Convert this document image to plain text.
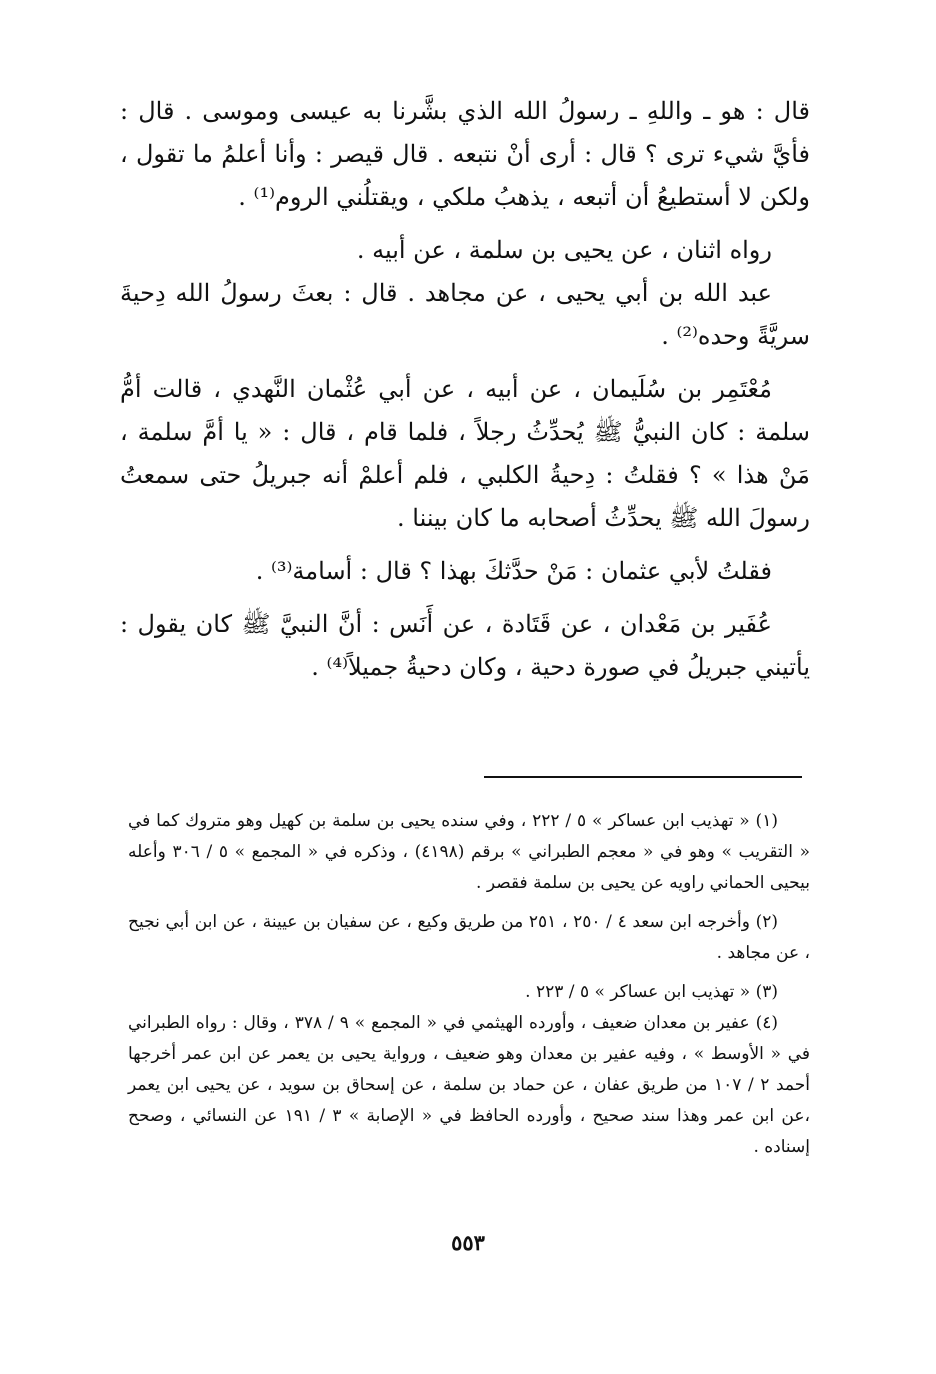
قال : هو ـ واللهِ ـ رسولُ الله الذي بشَّرنا به عيسى وموسى . قال : فأيَّ شيء ترى ؟ قال : أرى أنْ نتبعه . قال قيصر : وأنا أعلمُ ما تقول ، ولكن لا أستطيعُ أن أتبعه ، يذهبُ ملكي ، ويقتلُني الروم⁽¹⁾ .

رواه اثنان ، عن يحيى بن سلمة ، عن أبيه .

عبد الله بن أبي يحيى ، عن مجاهد . قال : بعثَ رسولُ الله دِحيةَ سريَّةً وحده⁽²⁾ .

مُعْتَمِر بن سُلَيمان ، عن أبيه ، عن أبي عُثْمان النَّهدي ، قالت أمُّ سلمة : كان النبيُّ ﷺ يُحدِّثُ رجلاً ، فلما قام ، قال : « يا أمَّ سلمة ، مَنْ هذا » ؟ فقلتُ : دِحيةُ الكلبي ، فلم أعلمْ أنه جبريلُ حتى سمعتُ رسولَ الله ﷺ يحدِّثُ أصحابه ما كان بيننا .

فقلتُ لأبي عثمان : مَنْ حدَّثكَ بهذا ؟ قال : أسامة⁽³⁾ .

عُفَير بن مَعْدان ، عن قَتَادة ، عن أَنَس : أنَّ النبيَّ ﷺ كان يقول : يأتيني جبريلُ في صورة دحية ، وكان دحيةُ جميلاً⁽⁴⁾ .

(١) « تهذيب ابن عساكر » ٥ / ٢٢٢ ، وفي سنده يحيى بن سلمة بن كهيل وهو متروك كما في « التقريب » وهو في « معجم الطبراني » برقم (٤١٩٨) ، وذكره في « المجمع » ٥ / ٣٠٦ وأعله بيحيى الحماني راويه عن يحيى بن سلمة فقصر .

(٢) وأخرجه ابن سعد ٤ / ٢٥٠ ، ٢٥١ من طريق وكيع ، عن سفيان بن عيينة ، عن ابن أبي نجيح ، عن مجاهد .

(٣) « تهذيب ابن عساكر » ٥ / ٢٢٣ .

(٤) عفير بن معدان ضعيف ، وأورده الهيثمي في « المجمع » ٩ / ٣٧٨ ، وقال : رواه الطبراني في « الأوسط » ، وفيه عفير بن معدان وهو ضعيف ، ورواية يحيى بن يعمر عن ابن عمر أخرجها أحمد ٢ / ١٠٧ من طريق عفان ، عن حماد بن سلمة ، عن إسحاق بن سويد ، عن يحيى ابن يعمر ،عن ابن عمر وهذا سند صحيح ، وأورده الحافظ في « الإصابة » ٣ / ١٩١ عن النسائي ، وصحح إسناده .

٥٥٣
